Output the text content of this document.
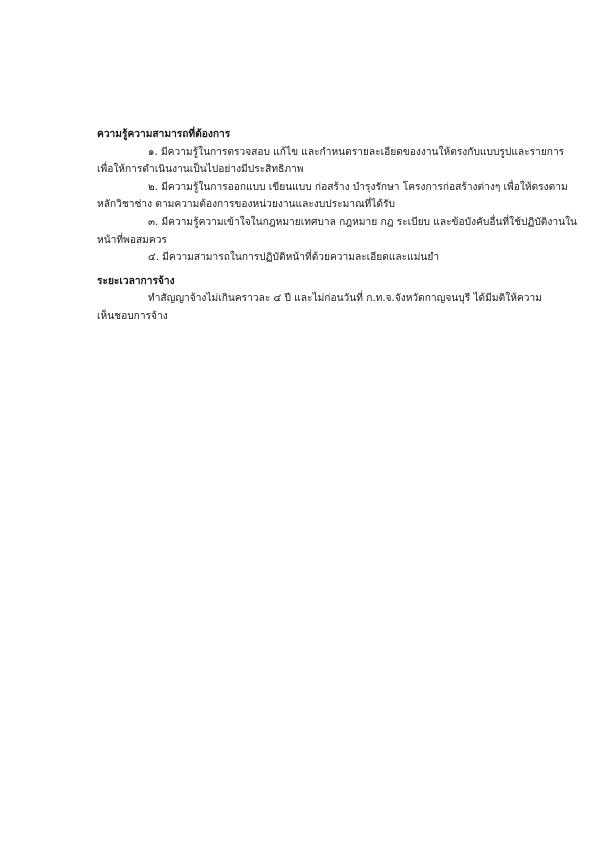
ความรู้ความสามารถที่ต้องการ

๑. มีความรู้ในการตรวจสอบ แก้ไข และกำหนดรายละเอียดของงานให้ตรงกับแบบรูปและรายการ
เพื่อให้การดำเนินงานเป็นไปอย่างมีประสิทธิภาพ

๒. มีความรู้ในการออกแบบ เขียนแบบ ก่อสร้าง บำรุงรักษา โครงการก่อสร้างต่างๆ เพื่อให้ตรงตาม
หลักวิชาช่าง ตามความต้องการของหน่วยงานและงบประมาณที่ได้รับ

๓. มีความรู้ความเข้าใจในกฎหมายเทศบาล กฎหมาย กฎ ระเบียบ และข้อบังคับอื่นที่ใช้ปฏิบัติงานใน
หน้าที่พอสมควร

๔. มีความสามารถในการปฏิบัติหน้าที่ด้วยความละเอียดและแม่นยำ

ระยะเวลาการจ้าง

ทำสัญญาจ้างไม่เกินคราวละ ๔ ปี และไม่ก่อนวันที่ ก.ท.จ.จังหวัดกาญจนบุรี ได้มีมติให้ความ
เห็นชอบการจ้าง
